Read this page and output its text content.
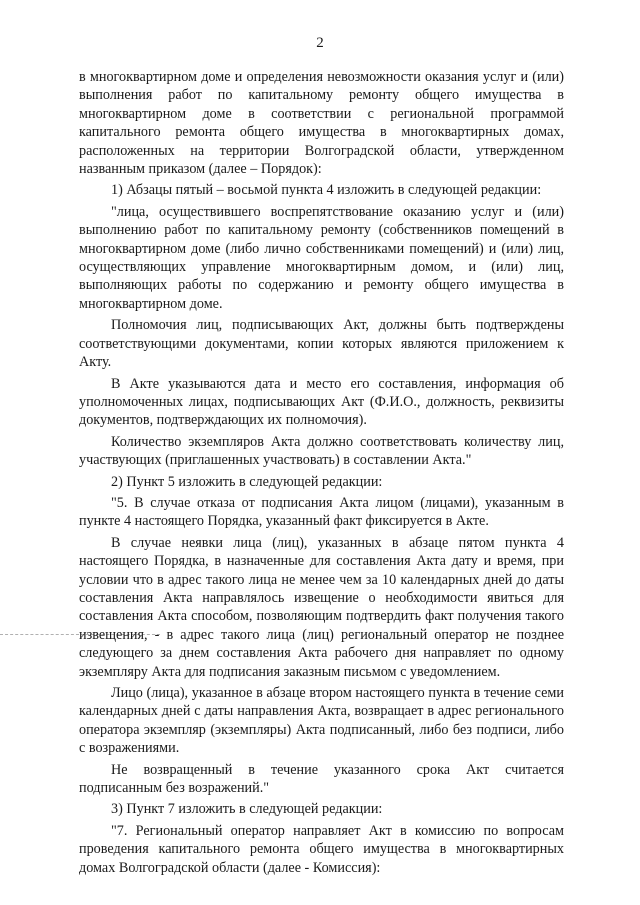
2

в многоквартирном доме и определения невозможности оказания услуг и (или) выполнения работ по капитальному ремонту общего имущества в многоквартирном доме в соответствии с региональной программой капитального ремонта общего имущества в многоквартирных домах, расположенных на территории Волгоградской области, утвержденном названным приказом (далее – Порядок):

1) Абзацы пятый – восьмой пункта 4 изложить в следующей редакции:

"лица, осуществившего воспрепятствование оказанию услуг и (или) выполнению работ по капитальному ремонту (собственников помещений в многоквартирном доме (либо лично собственниками помещений) и (или) лиц, осуществляющих управление многоквартирным домом, и (или) лиц, выполняющих работы по содержанию и ремонту общего имущества в многоквартирном доме.

Полномочия лиц, подписывающих Акт, должны быть подтверждены соответствующими документами, копии которых являются приложением к Акту.

В Акте указываются дата и место его составления, информация об уполномоченных лицах, подписывающих Акт (Ф.И.О., должность, реквизиты документов, подтверждающих их полномочия).

Количество экземпляров Акта должно соответствовать количеству лиц, участвующих (приглашенных участвовать) в составлении Акта."

2) Пункт 5 изложить в следующей редакции:

"5. В случае отказа от подписания Акта лицом (лицами), указанным в пункте 4 настоящего Порядка, указанный факт фиксируется в Акте.

В случае неявки лица (лиц), указанных в абзаце пятом пункта 4 настоящего Порядка, в назначенные для составления Акта дату и время, при условии что в адрес такого лица не менее чем за 10 календарных дней до даты составления Акта направлялось извещение о необходимости явиться для составления Акта способом, позволяющим подтвердить факт получения такого извещения, - в адрес такого лица (лиц) региональный оператор не позднее следующего за днем составления Акта рабочего дня направляет по одному экземпляру Акта для подписания заказным письмом с уведомлением.

Лицо (лица), указанное в абзаце втором настоящего пункта в течение семи календарных дней с даты направления Акта, возвращает в адрес регионального оператора экземпляр (экземпляры) Акта подписанный, либо без подписи, либо с возражениями.

Не возвращенный в течение указанного срока Акт считается подписанным без возражений."

3) Пункт 7 изложить в следующей редакции:

"7. Региональный оператор направляет Акт в комиссию по вопросам проведения капитального ремонта общего имущества в многоквартирных домах Волгоградской области (далее - Комиссия):
